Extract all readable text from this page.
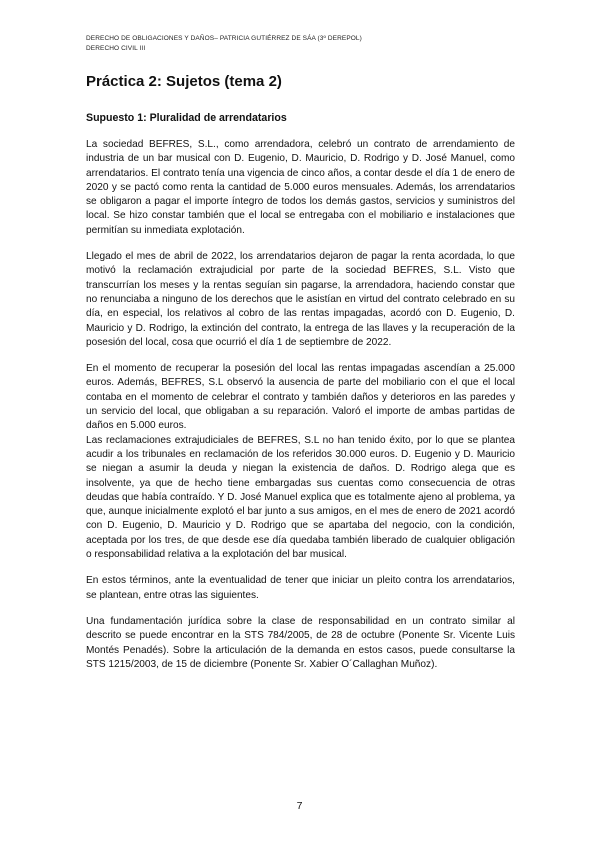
DERECHO DE OBLIGACIONES Y DAÑOS– PATRICIA GUTIÉRREZ DE SÁA (3º DEREPOL)
DERECHO CIVIL III
Práctica 2: Sujetos (tema 2)
Supuesto 1: Pluralidad de arrendatarios

La sociedad BEFRES, S.L., como arrendadora, celebró un contrato de arrendamiento de industria de un bar musical con D. Eugenio, D. Mauricio, D. Rodrigo y D. José Manuel, como arrendatarios. El contrato tenía una vigencia de cinco años, a contar desde el día 1 de enero de 2020 y se pactó como renta la cantidad de 5.000 euros mensuales. Además, los arrendatarios se obligaron a pagar el importe íntegro de todos los demás gastos, servicios y suministros del local. Se hizo constar también que el local se entregaba con el mobiliario e instalaciones que permitían su inmediata explotación.

Llegado el mes de abril de 2022, los arrendatarios dejaron de pagar la renta acordada, lo que motivó la reclamación extrajudicial por parte de la sociedad BEFRES, S.L. Visto que transcurrían los meses y la rentas seguían sin pagarse, la arrendadora, haciendo constar que no renunciaba a ninguno de los derechos que le asistían en virtud del contrato celebrado en su día, en especial, los relativos al cobro de las rentas impagadas, acordó con D. Eugenio, D. Mauricio y D. Rodrigo, la extinción del contrato, la entrega de las llaves y la recuperación de la posesión del local, cosa que ocurrió el día 1 de septiembre de 2022.

En el momento de recuperar la posesión del local las rentas impagadas ascendían a 25.000 euros. Además, BEFRES, S.L observó la ausencia de parte del mobiliario con el que el local contaba en el momento de celebrar el contrato y también daños y deterioros en las paredes y un servicio del local, que obligaban a su reparación. Valoró el importe de ambas partidas de daños en 5.000 euros.

Las reclamaciones extrajudiciales de BEFRES, S.L no han tenido éxito, por lo que se plantea acudir a los tribunales en reclamación de los referidos 30.000 euros. D. Eugenio y D. Mauricio se niegan a asumir la deuda y niegan la existencia de daños. D. Rodrigo alega que es insolvente, ya que de hecho tiene embargadas sus cuentas como consecuencia de otras deudas que había contraído. Y D. José Manuel explica que es totalmente ajeno al problema, ya que, aunque inicialmente explotó el bar junto a sus amigos, en el mes de enero de 2021 acordó con D. Eugenio, D. Mauricio y D. Rodrigo que se apartaba del negocio, con la condición, aceptada por los tres, de que desde ese día quedaba también liberado de cualquier obligación o responsabilidad relativa a la explotación del bar musical.

En estos términos, ante la eventualidad de tener que iniciar un pleito contra los arrendatarios, se plantean, entre otras las siguientes.

Una fundamentación jurídica sobre la clase de responsabilidad en un contrato similar al descrito se puede encontrar en la STS 784/2005, de 28 de octubre (Ponente Sr. Vicente Luis Montés Penadés). Sobre la articulación de la demanda en estos casos, puede consultarse la STS 1215/2003, de 15 de diciembre (Ponente Sr. Xabier O´Callaghan Muñoz).

7
